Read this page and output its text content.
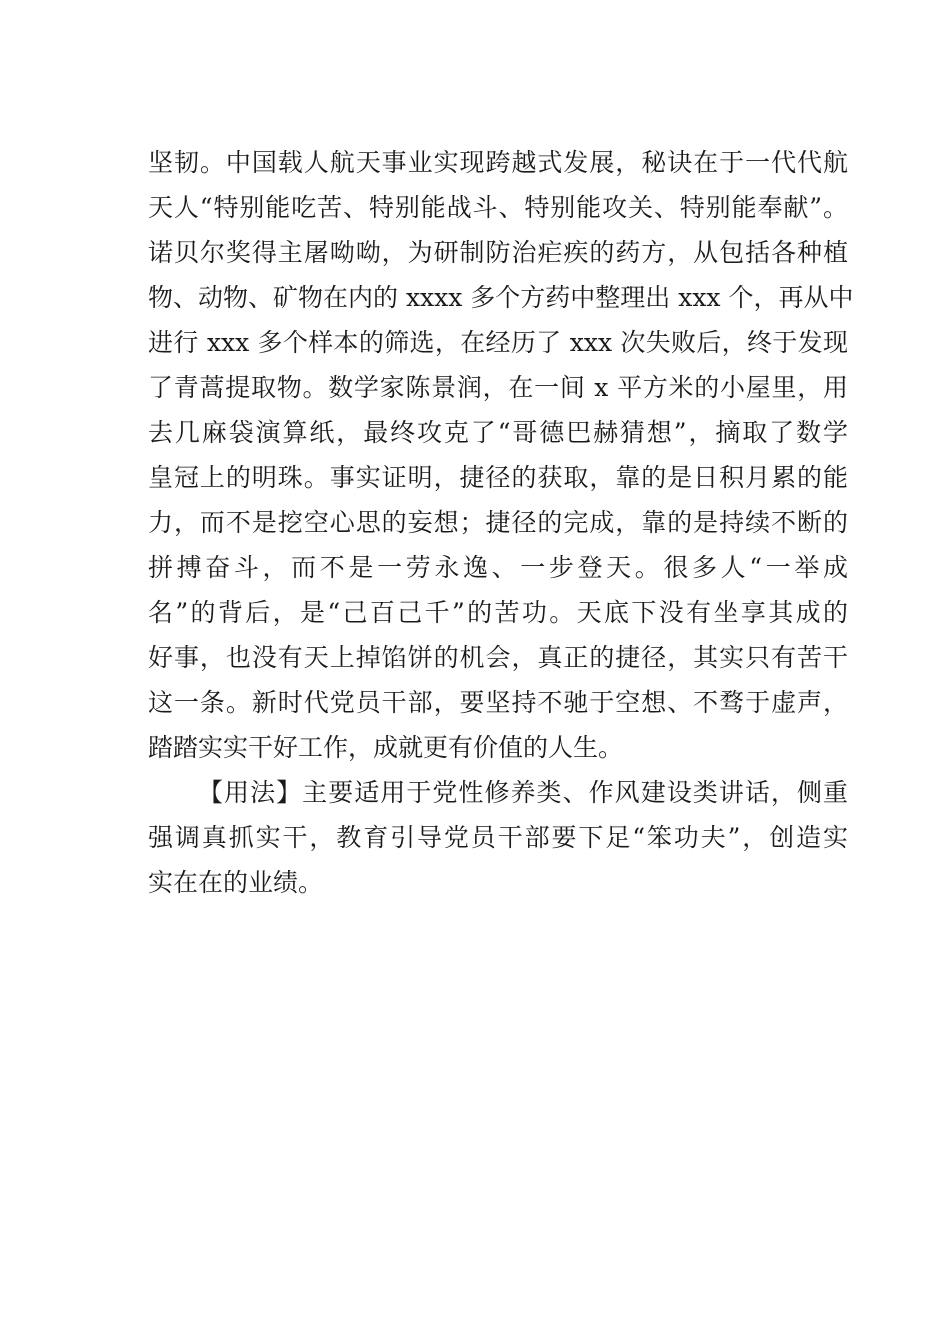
坚韧。中国载人航天事业实现跨越式发展，秘诀在于一代代航
天人“特别能吃苦、特别能战斗、特别能攻关、特别能奉献”。
诺贝尔奖得主屠呦呦，为研制防治疟疾的药方，从包括各种植
物、动物、矿物在内的 xxxx 多个方药中整理出 xxx 个，再从中
进行 xxx 多个样本的筛选，在经历了 xxx 次失败后，终于发现
了青蒿提取物。数学家陈景润，在一间 x 平方米的小屋里，用
去几麻袋演算纸，最终攻克了“哥德巴赫猜想”，摘取了数学
皇冠上的明珠。事实证明，捷径的获取，靠的是日积月累的能
力，而不是挖空心思的妄想；捷径的完成，靠的是持续不断的
拼搏奋斗，而不是一劳永逸、一步登天。很多人“一举成
名”的背后，是“己百己千”的苦功。天底下没有坐享其成的
好事，也没有天上掉馅饼的机会，真正的捷径，其实只有苦干
这一条。新时代党员干部，要坚持不驰于空想、不骛于虚声，
踏踏实实干好工作，成就更有价值的人生。
【用法】主要适用于党性修养类、作风建设类讲话，侧重
强调真抓实干，教育引导党员干部要下足“笨功夫”，创造实
实在在的业绩。
